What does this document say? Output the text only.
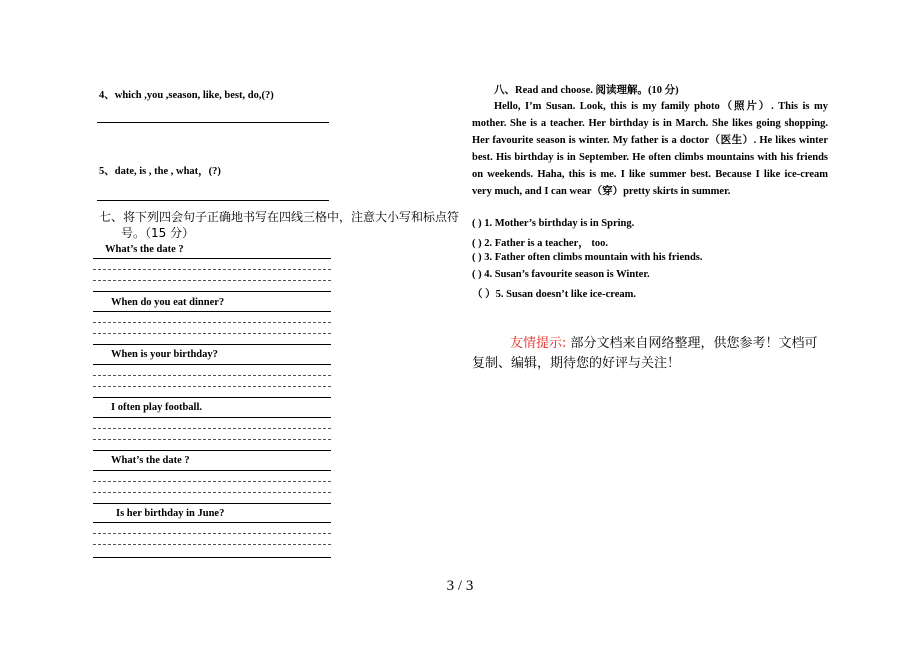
4、which ,you ,season, like, best, do,(?)
5、date, is , the , what，(?)
七、将下列四会句子正确地书写在四线三格中，注意大小写和标点符
号。（15 分）
What’s the date ?
When do you eat dinner?
When is your birthday?
I often play football.
What’s the date ?
Is her birthday in June?
八、Read and choose. 阅读理解。(10 分)

Hello, I’m Susan. Look, this is my family photo（照片）. This is my mother. She is a teacher. Her birthday is in March. She likes going shopping. Her favourite season is winter. My father is a doctor（医生）. He likes winter best. His birthday is in September. He often climbs mountains with his friends on weekends. Haha, this is me. I like summer best. Because I like ice-cream very much, and I can wear（穿）pretty skirts in summer.

( ) 1. Mother’s birthday is in Spring.
( ) 2. Father is a teacher， too.
( ) 3. Father often climbs mountain with his friends.
( ) 4. Susan’s favourite season is Winter.
（ ）5. Susan doesn’t like ice-cream.
友情提示: 部分文档来自网络整理，供您参考！文档可复制、编辑，期待您的好评与关注！
3 / 3
